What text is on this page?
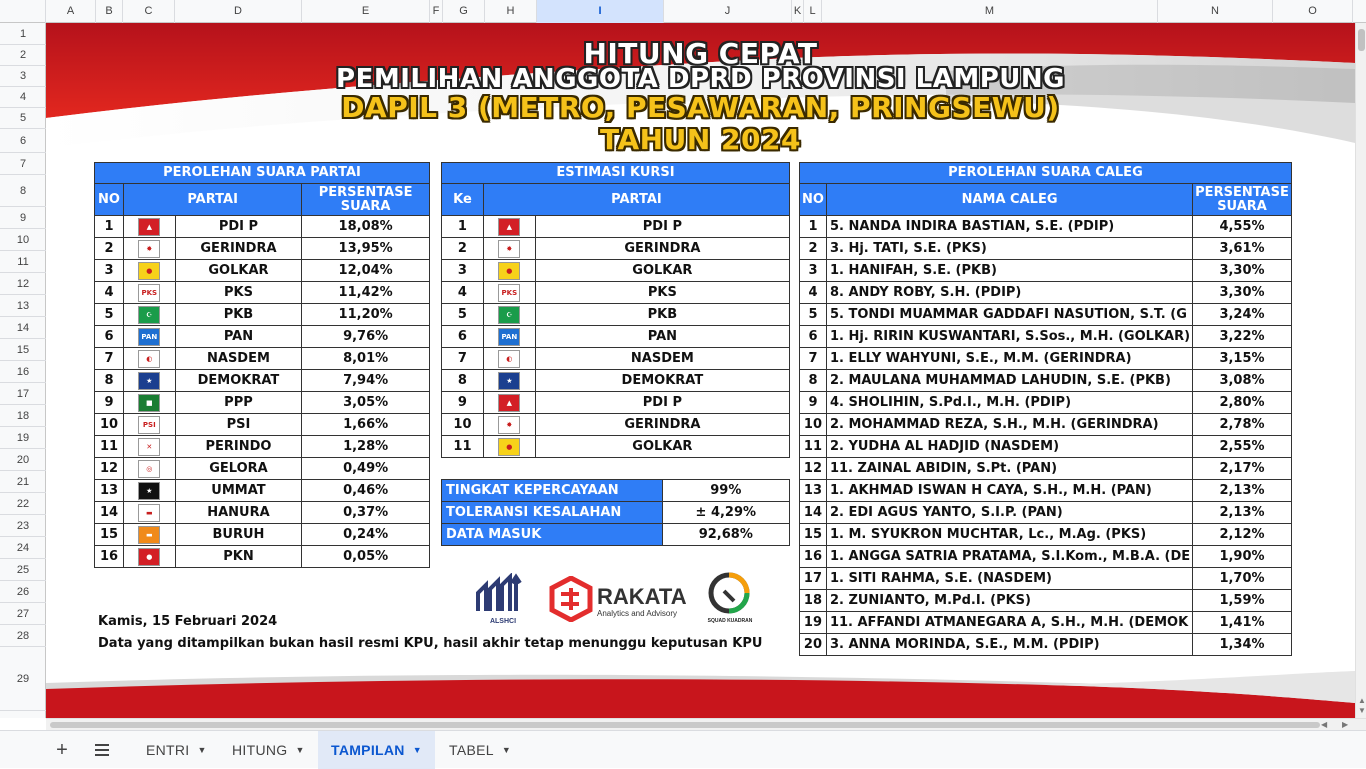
A	B	C	D	E	F	G	H	I	J	K L	M	N	O
1
2
3
4
5
6
7
8
9
10
11
12
13
14
15
16
17
18
19
20
21
22
23
24
25
26
27
28
29
HITUNG CEPAT
PEMILIHAN ANGGOTA DPRD PROVINSI LAMPUNG
DAPIL 3 (METRO, PESAWARAN, PRINGSEWU)
TAHUN 2024
PEROLEHAN SUARA PARTAI			
NO	PARTAI		PERSENTASE SUARA
1	▲	PDI P	18,08%
2	✸	GERINDRA	13,95%
3	●	GOLKAR	12,04%
4	PKS	PKS	11,42%
5	☪	PKB	11,20%
6	PAN	PAN	9,76%
7	◐	NASDEM	8,01%
8	★	DEMOKRAT	7,94%
9	■	PPP	3,05%
10	PSI	PSI	1,66%
11	✕	PERINDO	1,28%
12	◎	GELORA	0,49%
13	★	UMMAT	0,46%
14	▬	HANURA	0,37%
15	▬	BURUH	0,24%
16	●	PKN	0,05%
ESTIMASI KURSI		
Ke	PARTAI	
1	▲	PDI P
2	✸	GERINDRA
3	●	GOLKAR
4	PKS	PKS
5	☪	PKB
6	PAN	PAN
7	◐	NASDEM
8	★	DEMOKRAT
9	▲	PDI P
10	✸	GERINDRA
11	●	GOLKAR
TINGKAT KEPERCAYAAN	99%
TOLERANSI KESALAHAN	± 4,29%
DATA MASUK	92,68%
PEROLEHAN SUARA CALEG		
NO	NAMA CALEG	PERSENTASE SUARA
1	5. NANDA INDIRA BASTIAN, S.E. (PDIP)	4,55%
2	3. Hj. TATI, S.E. (PKS)	3,61%
3	1. HANIFAH, S.E. (PKB)	3,30%
4	8. ANDY ROBY, S.H. (PDIP)	3,30%
5	5. TONDI MUAMMAR GADDAFI NASUTION, S.T. (G	3,24%
6	1. Hj. RIRIN KUSWANTARI, S.Sos., M.H. (GOLKAR)	3,22%
7	1. ELLY WAHYUNI, S.E., M.M. (GERINDRA)	3,15%
8	2. MAULANA MUHAMMAD LAHUDIN, S.E. (PKB)	3,08%
9	4. SHOLIHIN, S.Pd.I., M.H. (PDIP)	2,80%
10	2. MOHAMMAD REZA, S.H., M.H. (GERINDRA)	2,78%
11	2. YUDHA AL HADJID (NASDEM)	2,55%
12	11. ZAINAL ABIDIN, S.Pt. (PAN)	2,17%
13	1. AKHMAD ISWAN H CAYA, S.H., M.H. (PAN)	2,13%
14	2. EDI AGUS YANTO, S.I.P. (PAN)	2,13%
15	1. M. SYUKRON MUCHTAR, Lc., M.Ag. (PKS)	2,12%
16	1. ANGGA SATRIA PRATAMA, S.I.Kom., M.B.A. (DE	1,90%
17	1. SITI RAHMA, S.E. (NASDEM)	1,70%
18	2. ZUNIANTO, M.Pd.I. (PKS)	1,59%
19	11. AFFANDI ATMANEGARA A, S.H., M.H. (DEMOK	1,41%
20	3. ANNA MORINDA, S.E., M.M. (PDIP)	1,34%
ALSHCI
RAKATA
Analytics and Advisory
SQUAD KUADRAN
Kamis, 15 Februari 2024
Data yang ditampilkan bukan hasil resmi KPU, hasil akhir tetap menunggu keputusan KPU
▲
▼
◀ ▶
+	ENTRI ▼ HITUNG ▼ TAMPILAN ▼ TABEL ▼
